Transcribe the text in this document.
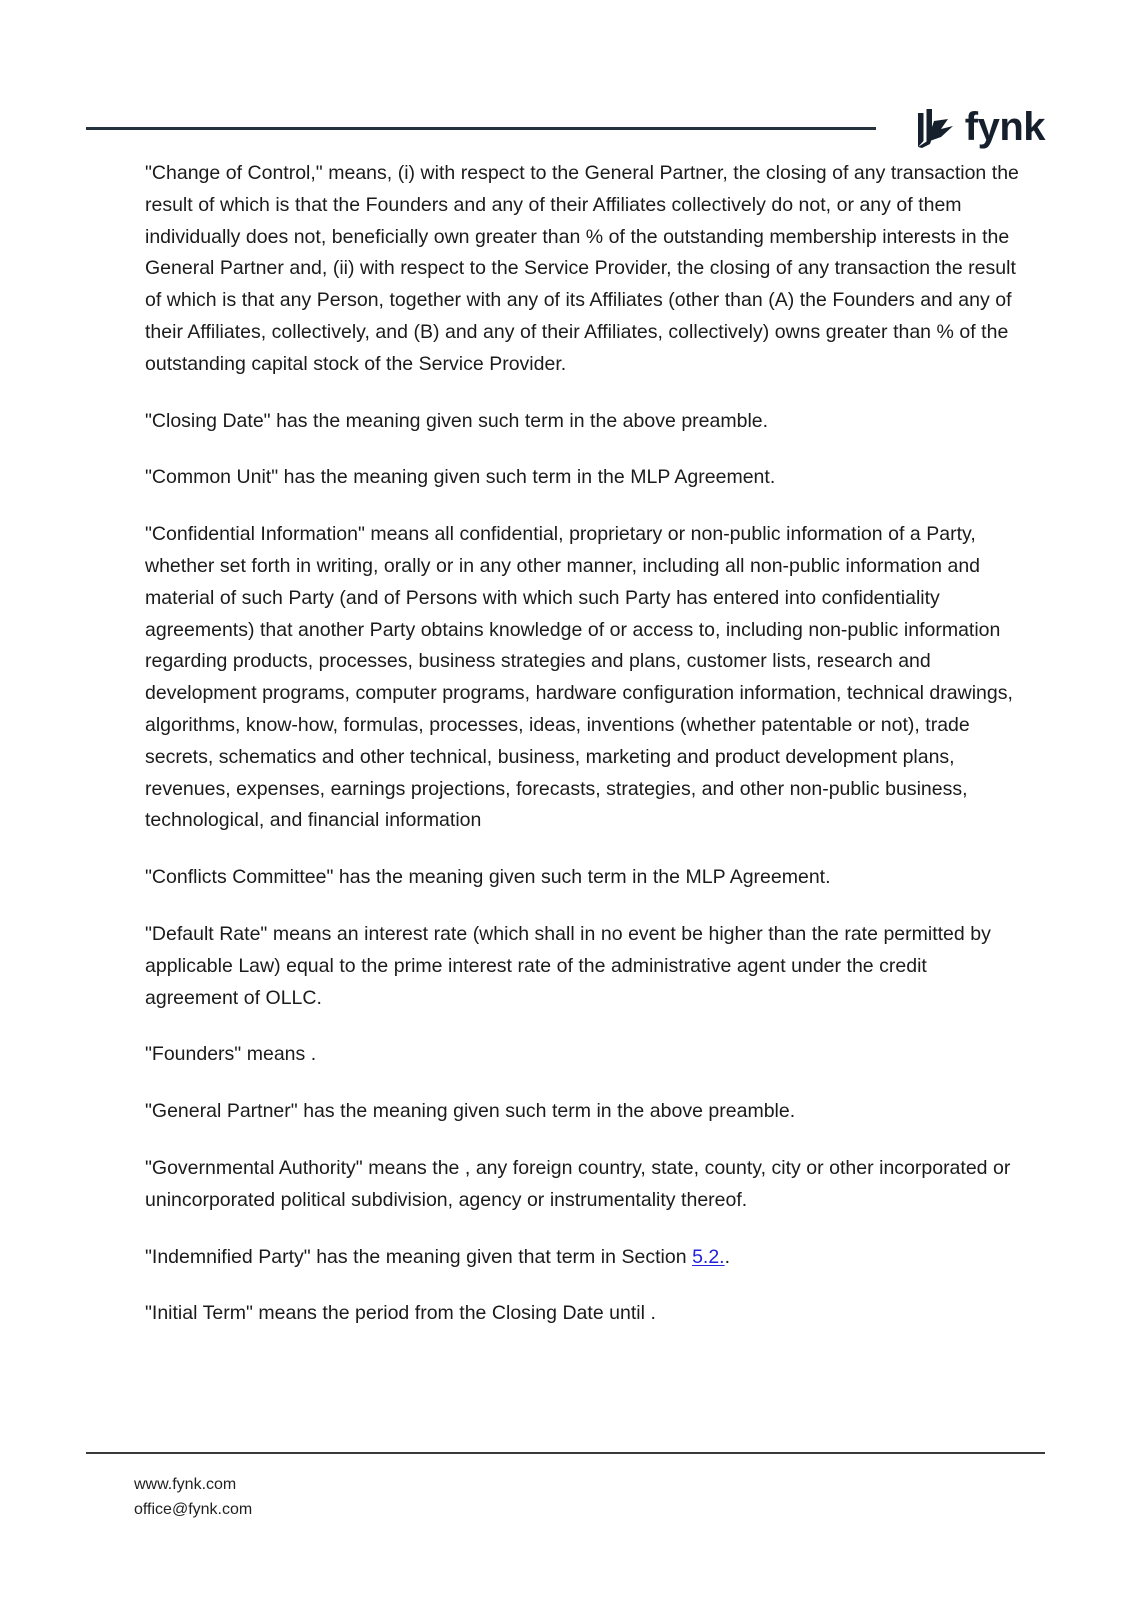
fynk

"Change of Control," means, (i) with respect to the General Partner, the closing of any transaction the result of which is that the Founders and any of their Affiliates collectively do not, or any of them individually does not, beneficially own greater than % of the outstanding membership interests in the General Partner and, (ii) with respect to the Service Provider, the closing of any transaction the result of which is that any Person, together with any of its Affiliates (other than (A) the Founders and any of their Affiliates, collectively, and (B) and any of their Affiliates, collectively) owns greater than % of the outstanding capital stock of the Service Provider.

"Closing Date" has the meaning given such term in the above preamble.

"Common Unit" has the meaning given such term in the MLP Agreement.

"Confidential Information" means all confidential, proprietary or non-public information of a Party, whether set forth in writing, orally or in any other manner, including all non-public information and material of such Party (and of Persons with which such Party has entered into confidentiality agreements) that another Party obtains knowledge of or access to, including non-public information regarding products, processes, business strategies and plans, customer lists, research and development programs, computer programs, hardware configuration information, technical drawings, algorithms, know-how, formulas, processes, ideas, inventions (whether patentable or not), trade secrets, schematics and other technical, business, marketing and product development plans, revenues, expenses, earnings projections, forecasts, strategies, and other non-public business, technological, and financial information

"Conflicts Committee" has the meaning given such term in the MLP Agreement.

"Default Rate" means an interest rate (which shall in no event be higher than the rate permitted by applicable Law) equal to the prime interest rate of the administrative agent under the credit agreement of OLLC.

"Founders" means .

"General Partner" has the meaning given such term in the above preamble.

"Governmental Authority" means the , any foreign country, state, county, city or other incorporated or unincorporated political subdivision, agency or instrumentality thereof.

"Indemnified Party" has the meaning given that term in Section 5.2..

"Initial Term" means the period from the Closing Date until .

www.fynk.com
office@fynk.com
